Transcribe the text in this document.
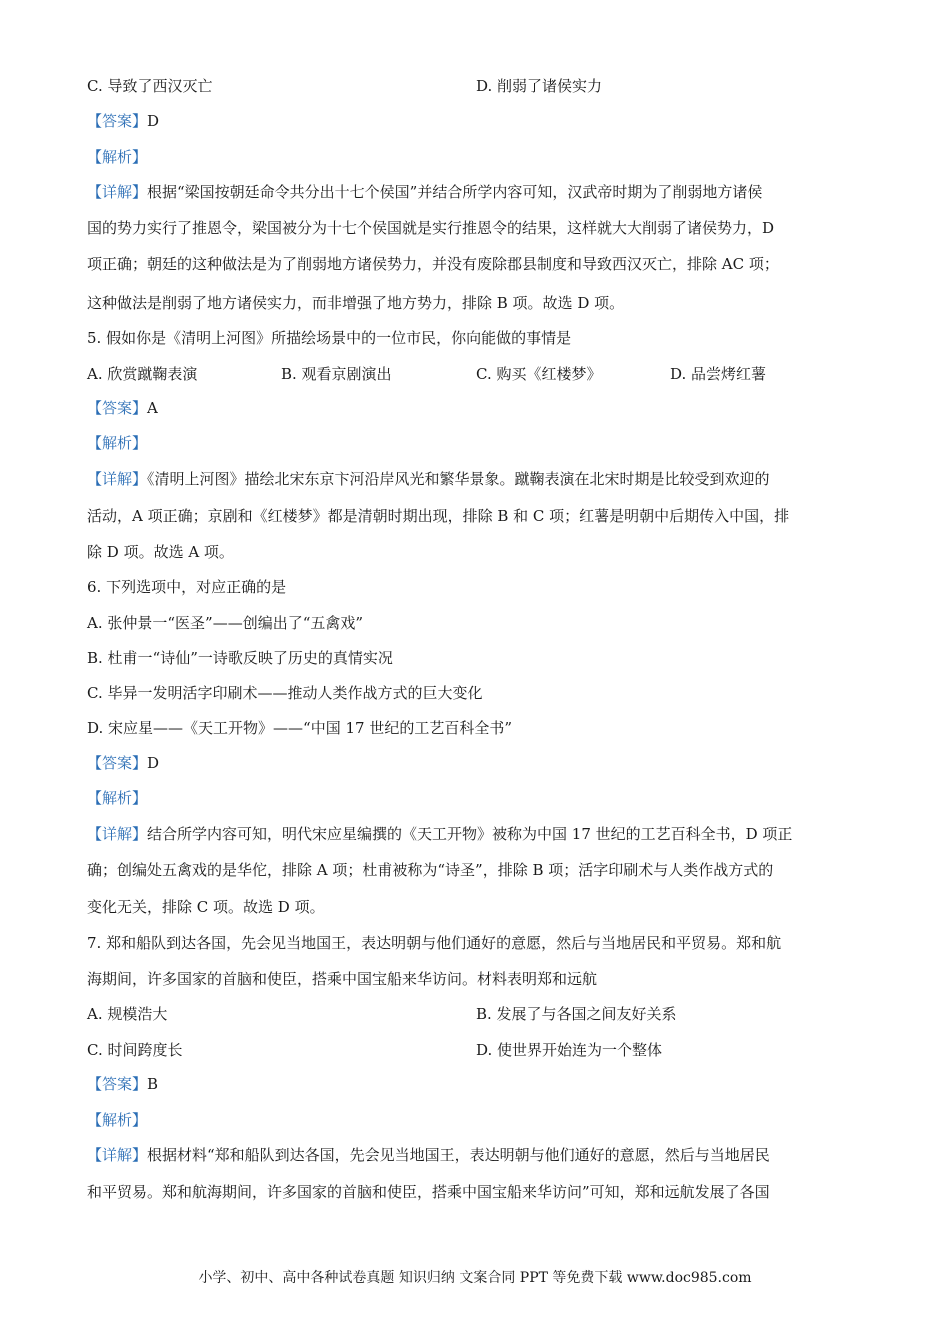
C. 导致了西汉灭亡	D. 削弱了诸侯实力
【答案】D
【解析】
【详解】根据“梁国按朝廷命令共分出十七个侯国”并结合所学内容可知，汉武帝时期为了削弱地方诸侯
国的势力实行了推恩令，梁国被分为十七个侯国就是实行推恩令的结果，这样就大大削弱了诸侯势力，D
项正确；朝廷的这种做法是为了削弱地方诸侯势力，并没有废除郡县制度和导致西汉灭亡，排除 AC 项；
这种做法是削弱了地方诸侯实力，而非增强了地方势力，排除 B 项。故选 D 项。
5. 假如你是《清明上河图》所描绘场景中的一位市民，你向能做的事情是
A. 欣赏蹴鞠表演	B. 观看京剧演出	C. 购买《红楼梦》	D. 品尝烤红薯
【答案】A
【解析】
【详解】《清明上河图》描绘北宋东京卞河沿岸风光和繁华景象。蹴鞠表演在北宋时期是比较受到欢迎的
活动，A 项正确；京剧和《红楼梦》都是清朝时期出现，排除 B 和 C 项；红薯是明朝中后期传入中国，排
除 D 项。故选 A 项。
6. 下列选项中，对应正确的是
A. 张仲景一“医圣”——创编出了“五禽戏”
B. 杜甫一“诗仙”一诗歌反映了历史的真情实况
C. 毕异一发明活字印刷术——推动人类作战方式的巨大变化
D. 宋应星——《天工开物》——“中国 17 世纪的工艺百科全书”
【答案】D
【解析】
【详解】结合所学内容可知，明代宋应星编撰的《天工开物》被称为中国 17 世纪的工艺百科全书，D 项正
确；创编处五禽戏的是华佗，排除 A 项；杜甫被称为“诗圣”，排除 B 项；活字印刷术与人类作战方式的
变化无关，排除 C 项。故选 D 项。
7. 郑和船队到达各国，先会见当地国王，表达明朝与他们通好的意愿，然后与当地居民和平贸易。郑和航
海期间，许多国家的首脑和使臣，搭乘中国宝船来华访问。材料表明郑和远航
A. 规模浩大	B. 发展了与各国之间友好关系
C. 时间跨度长	D. 使世界开始连为一个整体
【答案】B
【解析】
【详解】根据材料“郑和船队到达各国，先会见当地国王，表达明朝与他们通好的意愿，然后与当地居民
和平贸易。郑和航海期间，许多国家的首脑和使臣，搭乘中国宝船来华访问”可知，郑和远航发展了各国
小学、初中、高中各种试卷真题 知识归纳 文案合同 PPT 等免费下载 www.doc985.com
